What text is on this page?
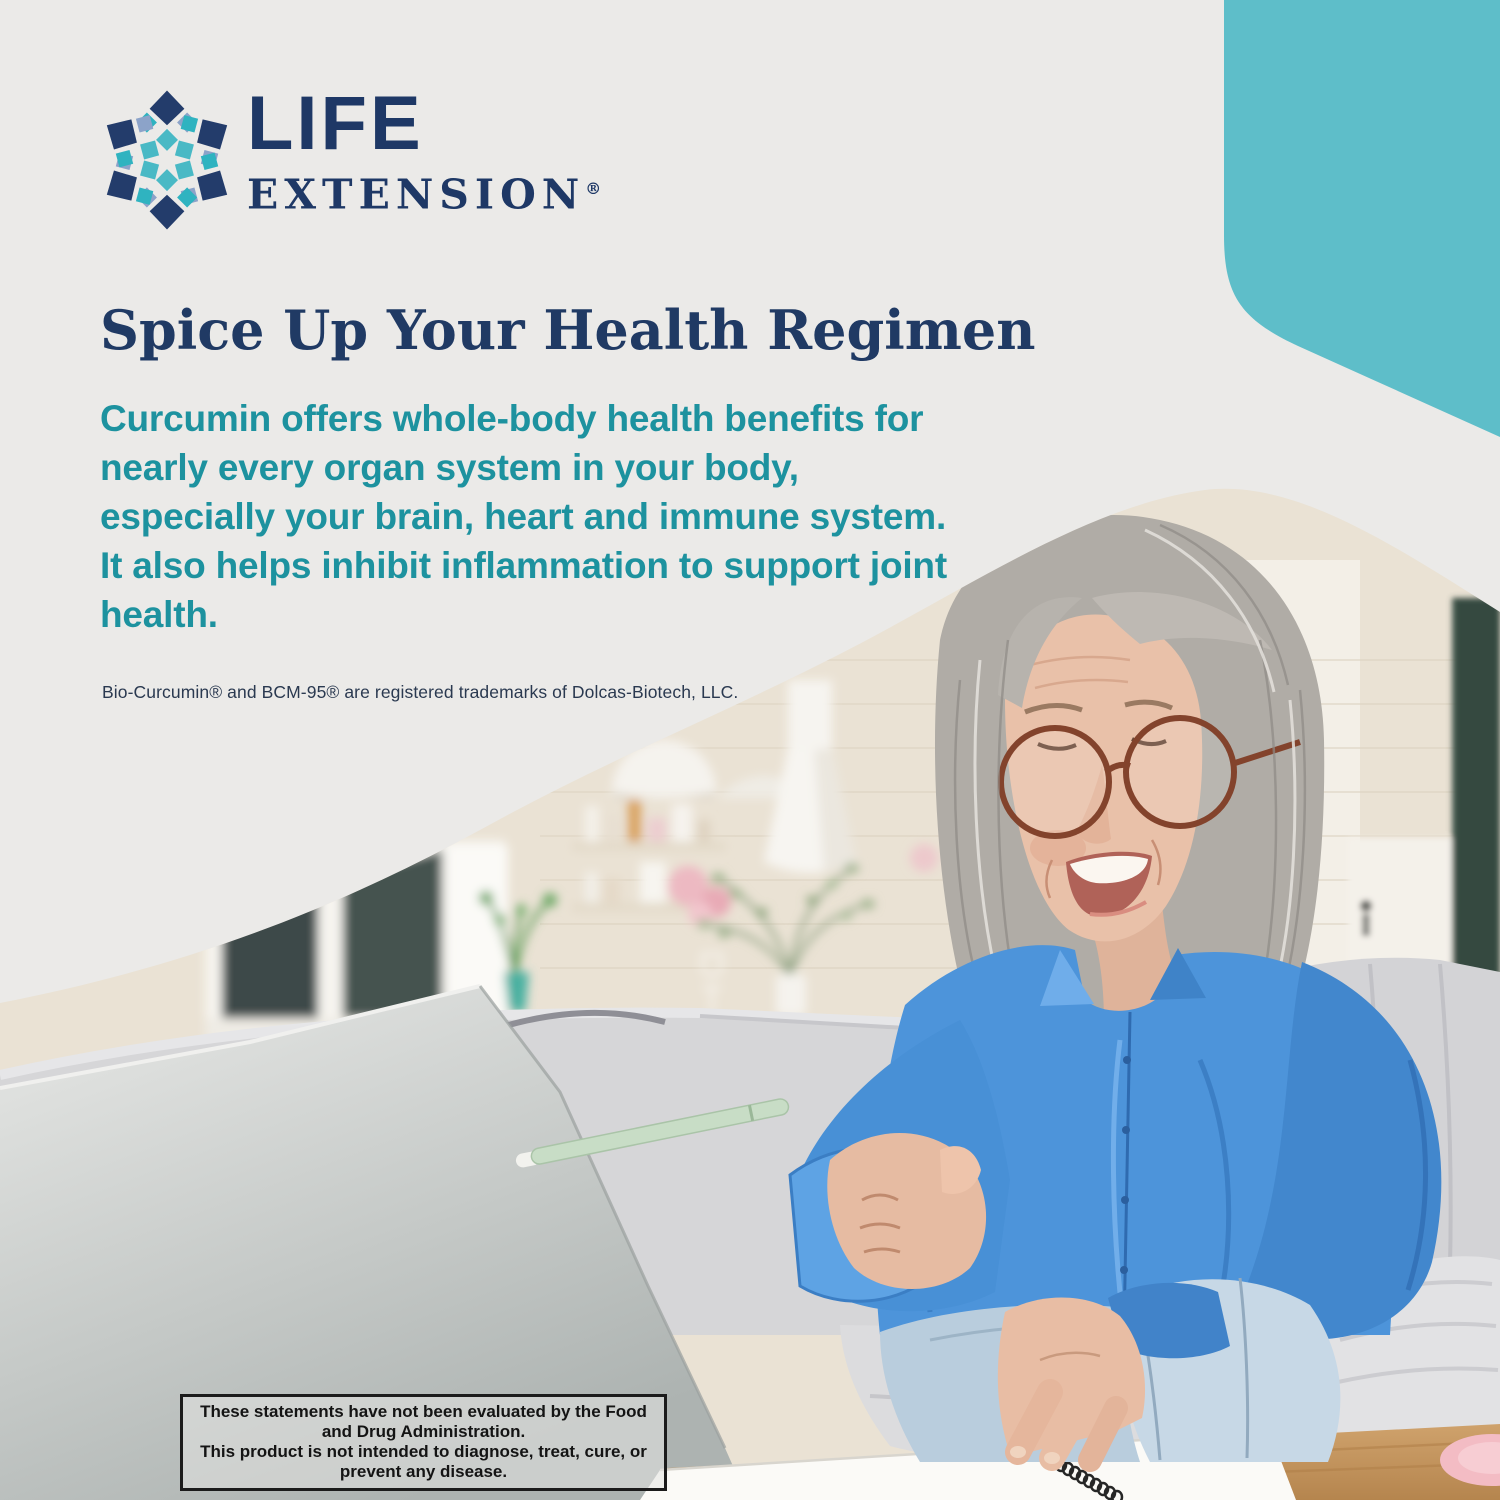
LIFE
EXTENSION®
Spice Up Your Health Regimen

Curcumin offers whole-body health benefits for nearly every organ system in your body, especially your brain, heart and immune system. It also helps inhibit inflammation to support joint health.

Bio-Curcumin® and BCM-95® are registered trademarks of Dolcas-Biotech, LLC.

These statements have not been evaluated by the Food and Drug Administration.
This product is not intended to diagnose, treat, cure, or prevent any disease.
